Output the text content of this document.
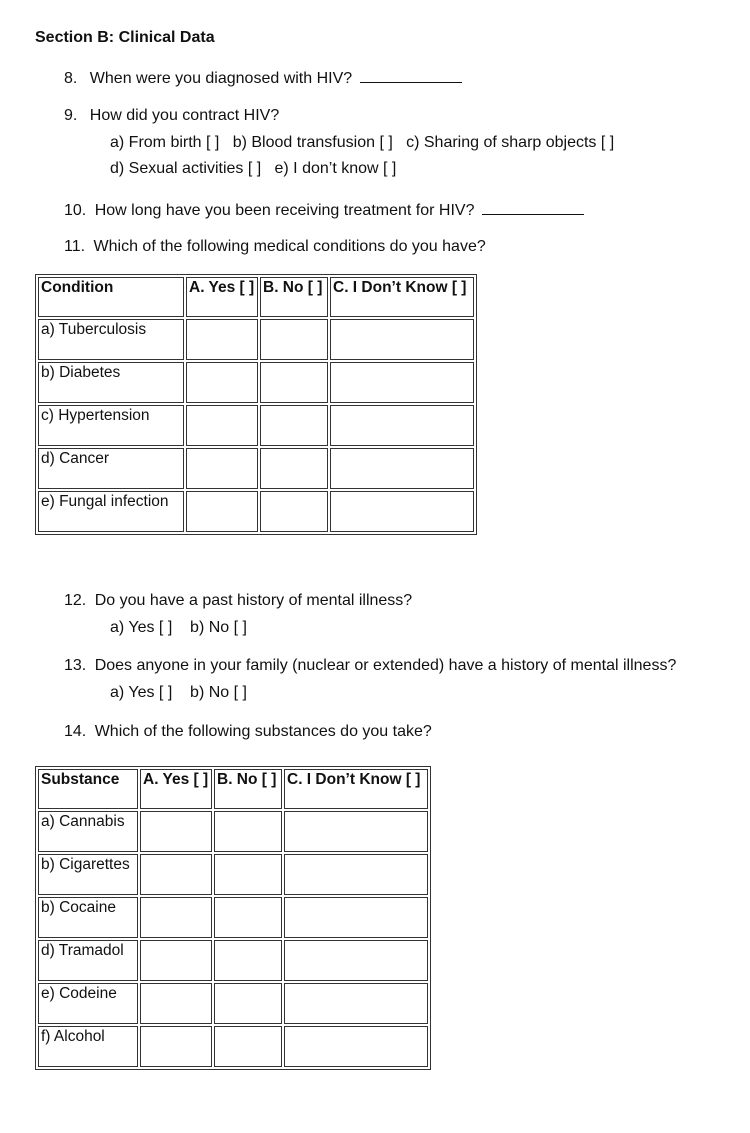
Section B: Clinical Data
8. When were you diagnosed with HIV?
9. How did you contract HIV?
a) From birth [ ]   b) Blood transfusion [ ]   c) Sharing of sharp objects [ ]
d) Sexual activities [ ]   e) I don’t know [ ]
10. How long have you been receiving treatment for HIV?
11. Which of the following medical conditions do you have?
Condition	A. Yes [ ]	B. No [ ]	C. I Don’t Know [ ]
a) Tuberculosis			
b) Diabetes			
c) Hypertension			
d) Cancer			
e) Fungal infection			
12. Do you have a past history of mental illness?
a) Yes [ ]    b) No [ ]
13. Does anyone in your family (nuclear or extended) have a history of mental illness?
a) Yes [ ]    b) No [ ]
14. Which of the following substances do you take?
Substance	A. Yes [ ]	B. No [ ]	C. I Don’t Know [ ]
a) Cannabis			
b) Cigarettes			
b) Cocaine			
d) Tramadol			
e) Codeine			
f) Alcohol			
